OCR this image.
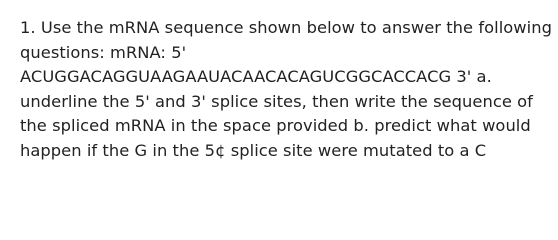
1. Use the mRNA sequence shown below to answer the following
questions: mRNA: 5'
ACUGGACAGGUAAGAAUACAACACAGUCGGCACCACG 3' a.
underline the 5' and 3' splice sites, then write the sequence of
the spliced mRNA in the space provided b. predict what would
happen if the G in the 5¢ splice site were mutated to a C
